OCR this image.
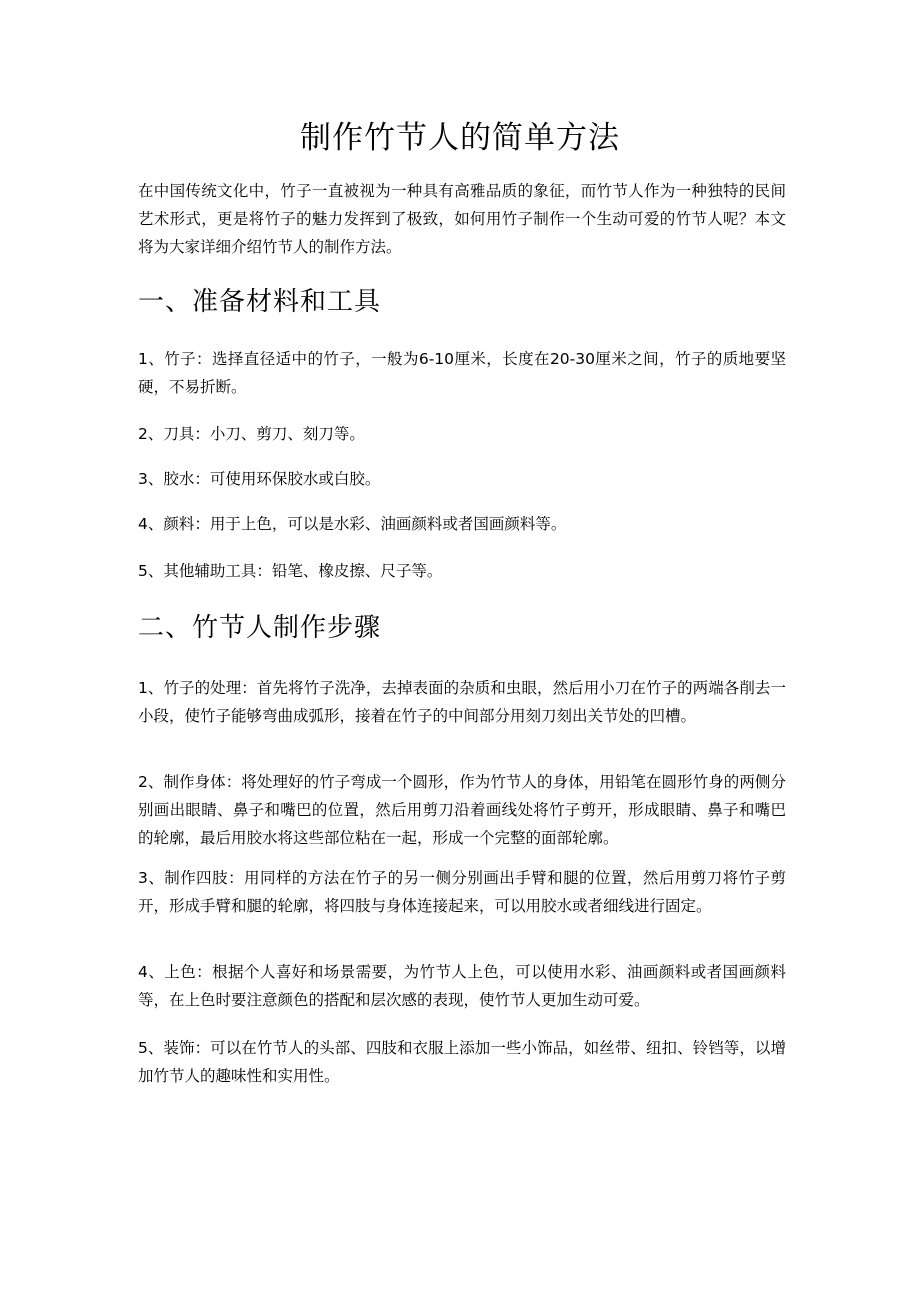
制作竹节人的简单方法

在中国传统文化中，竹子一直被视为一种具有高雅品质的象征，而竹节人作为一种独特的民间艺术形式，更是将竹子的魅力发挥到了极致，如何用竹子制作一个生动可爱的竹节人呢？本文将为大家详细介绍竹节人的制作方法。

一、准备材料和工具

1、竹子：选择直径适中的竹子，一般为6-10厘米，长度在20-30厘米之间，竹子的质地要坚硬，不易折断。

2、刀具：小刀、剪刀、刻刀等。

3、胶水：可使用环保胶水或白胶。

4、颜料：用于上色，可以是水彩、油画颜料或者国画颜料等。

5、其他辅助工具：铅笔、橡皮擦、尺子等。

二、竹节人制作步骤

1、竹子的处理：首先将竹子洗净，去掉表面的杂质和虫眼，然后用小刀在竹子的两端各削去一小段，使竹子能够弯曲成弧形，接着在竹子的中间部分用刻刀刻出关节处的凹槽。

2、制作身体：将处理好的竹子弯成一个圆形，作为竹节人的身体，用铅笔在圆形竹身的两侧分别画出眼睛、鼻子和嘴巴的位置，然后用剪刀沿着画线处将竹子剪开，形成眼睛、鼻子和嘴巴的轮廓，最后用胶水将这些部位粘在一起，形成一个完整的面部轮廓。

3、制作四肢：用同样的方法在竹子的另一侧分别画出手臂和腿的位置，然后用剪刀将竹子剪开，形成手臂和腿的轮廓，将四肢与身体连接起来，可以用胶水或者细线进行固定。

4、上色：根据个人喜好和场景需要，为竹节人上色，可以使用水彩、油画颜料或者国画颜料等，在上色时要注意颜色的搭配和层次感的表现，使竹节人更加生动可爱。

5、装饰：可以在竹节人的头部、四肢和衣服上添加一些小饰品，如丝带、纽扣、铃铛等，以增加竹节人的趣味性和实用性。
